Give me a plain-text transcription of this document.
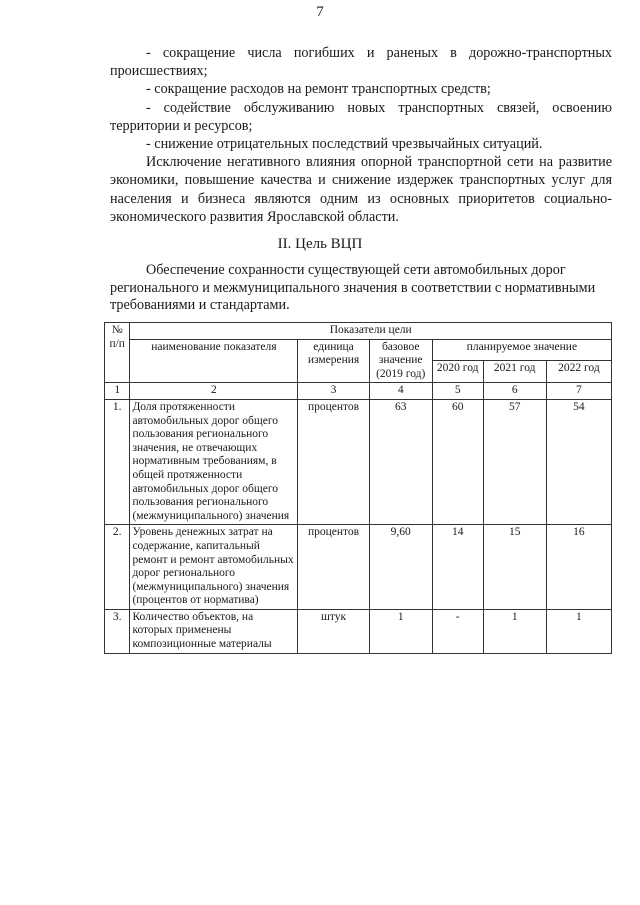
7

- сокращение числа погибших и раненых в дорожно-транспортных происшествиях;

- сокращение расходов на ремонт транспортных средств;

- содействие обслуживанию новых транспортных связей, освоению территории и ресурсов;

- снижение отрицательных последствий чрезвычайных ситуаций.

Исключение негативного влияния опорной транспортной сети на развитие экономики, повышение качества и снижение издержек транспортных услуг для населения и бизнеса являются одним из основных приоритетов социально-экономического развития Ярославской области.

II. Цель ВЦП

Обеспечение сохранности существующей сети автомобильных дорог регионального и межмуниципального значения в соответствии с нормативными требованиями и стандартами.

№ п/п	Показатели цели					
	наименование показателя	единица измерения	базовое значение (2019 год)	планируемое значение		
				2020 год	2021 год	2022 год
1	2	3	4	5	6	7
1.	Доля протяженности автомобильных дорог общего пользования регионального значения, не отвечающих нормативным требованиям, в общей протяженности автомобильных дорог общего пользования регионального (межмуниципального) значения	процентов	63	60	57	54
2.	Уровень денежных затрат на содержание, капитальный ремонт и ремонт автомобильных дорог регионального (межмуниципального) значения (процентов от норматива)	процентов	9,60	14	15	16
3.	Количество объектов, на которых применены композиционные материалы	штук	1	-	1	1
